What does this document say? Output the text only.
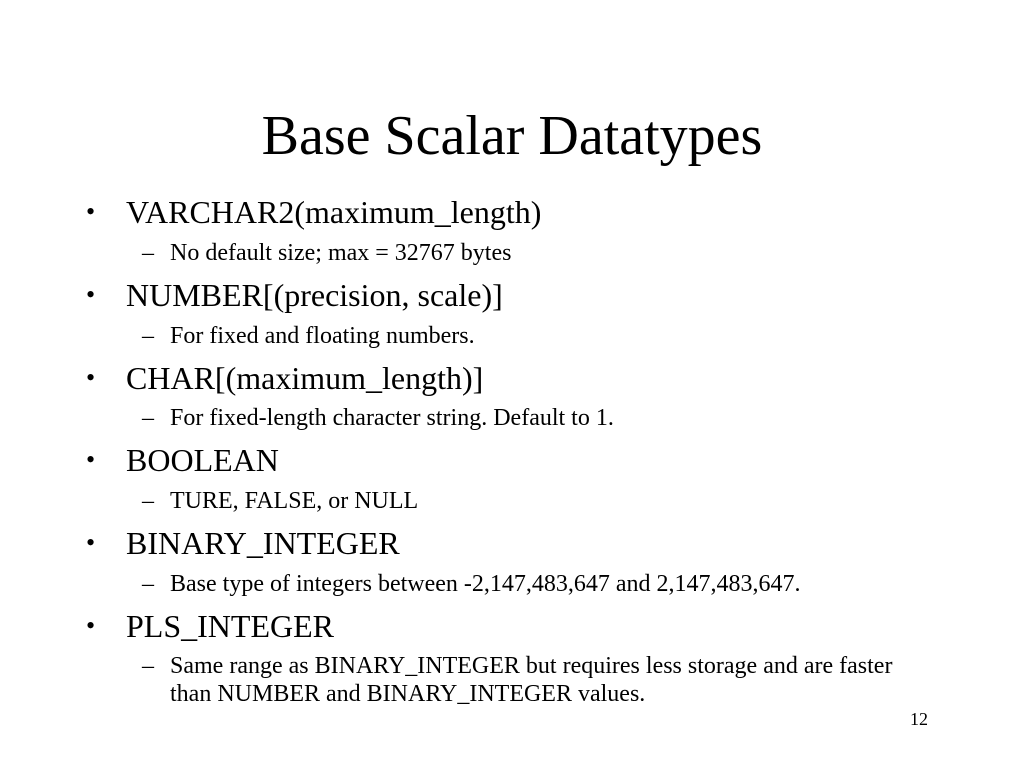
Base Scalar Datatypes
• VARCHAR2(maximum_length)
– No default size; max = 32767 bytes
• NUMBER[(precision, scale)]
– For fixed and floating numbers.
• CHAR[(maximum_length)]
– For fixed-length character string. Default to 1.
• BOOLEAN
– TURE, FALSE, or NULL
• BINARY_INTEGER
– Base type of integers between -2,147,483,647 and 2,147,483,647.
• PLS_INTEGER
– Same range as BINARY_INTEGER but requires less storage and are faster than NUMBER and BINARY_INTEGER values.
12
